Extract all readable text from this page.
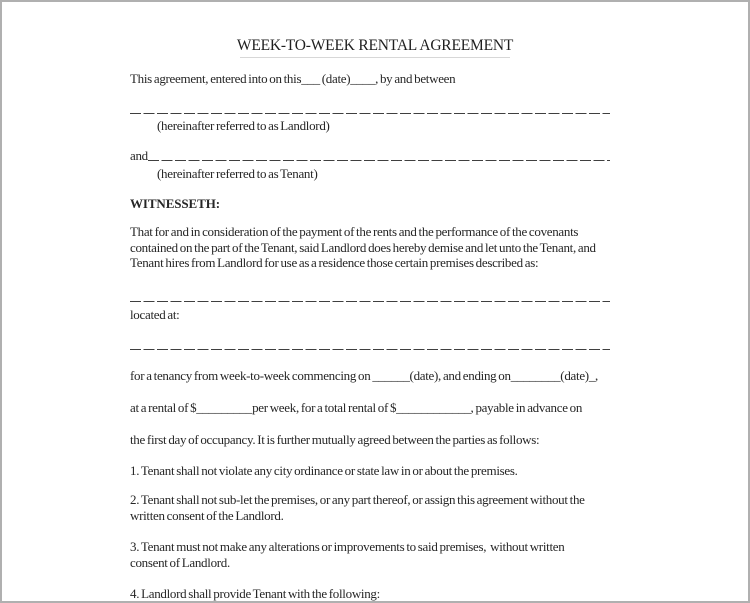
WEEK-TO-WEEK RENTAL AGREEMENT
This agreement, entered into on this___ (date)____, by and between
(hereinafter referred to as Landlord)
and
(hereinafter referred to as Tenant)
WITNESSETH:
That for and in consideration of the payment of the rents and the performance of the covenants
contained on the part of the Tenant, said Landlord does hereby demise and let unto the Tenant, and
Tenant hires from Landlord for use as a residence those certain premises described as:
located at:
for a tenancy from week-to-week commencing on ______(date), and ending on________(date)_,
at a rental of $_________per week, for a total rental of $____________, payable in advance on
the first day of occupancy. It is further mutually agreed between the parties as follows:
1. Tenant shall not violate any city ordinance or state law in or about the premises.
2. Tenant shall not sub-let the premises, or any part thereof, or assign this agreement without the
written consent of the Landlord.
3. Tenant must not make any alterations or improvements to said premises,  without written
consent of Landlord.
4. Landlord shall provide Tenant with the following:
